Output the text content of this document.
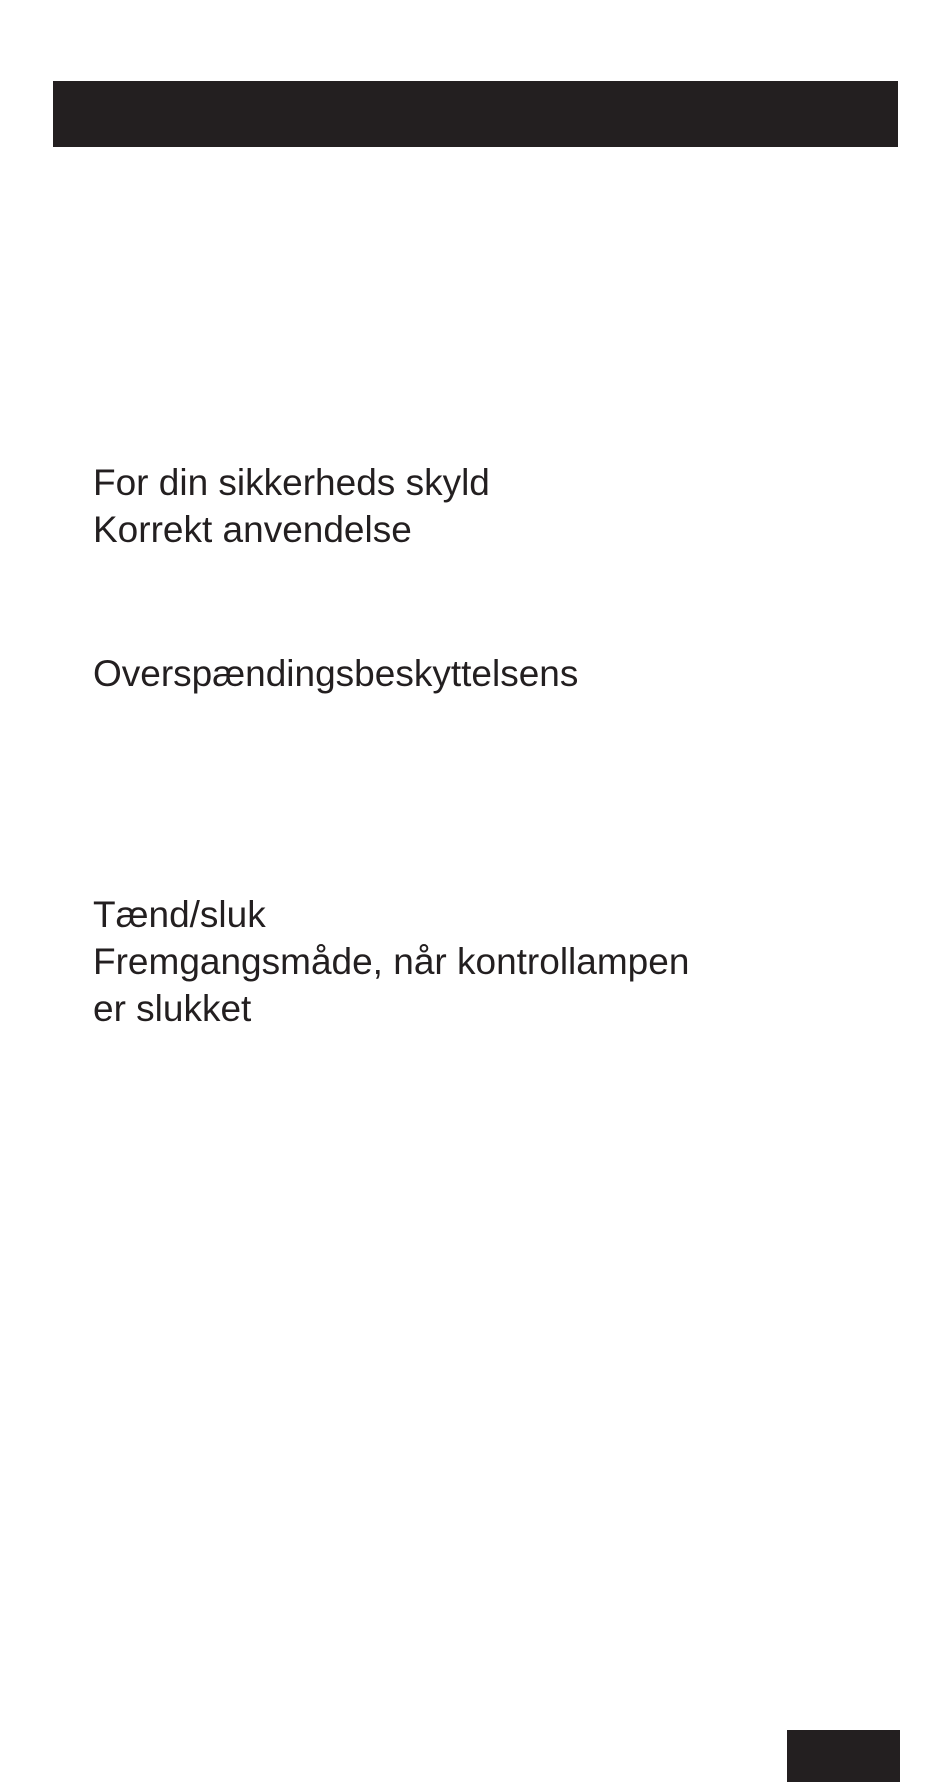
For din sikkerheds skyld

Korrekt anvendelse

Overspændingsbeskyttelsens

Tænd/sluk

Fremgangsmåde, når kontrollampen

er slukket
